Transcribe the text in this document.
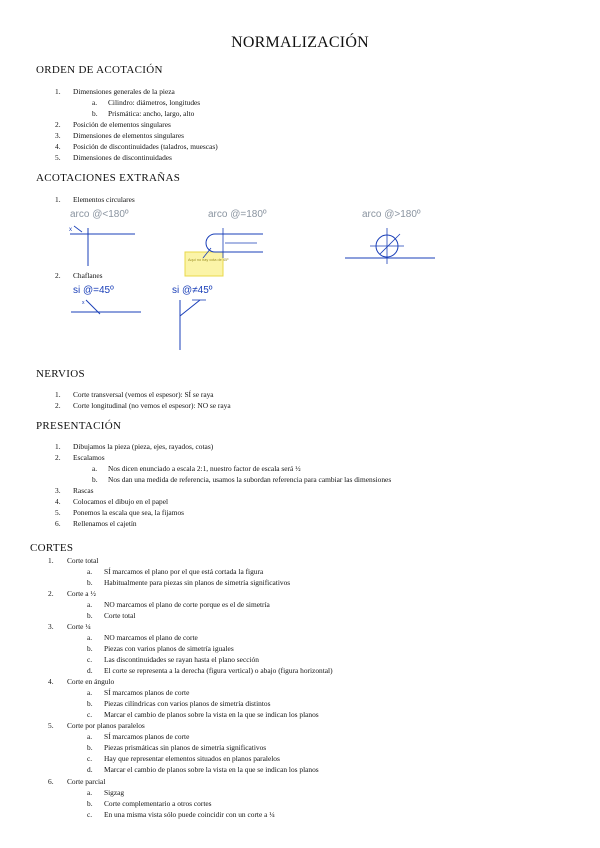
NORMALIZACIÓN
ORDEN DE ACOTACIÓN
1. Dimensiones generales de la pieza
a. Cilindro: diámetros, longitudes
b. Prismática: ancho, largo, alto
2. Posición de elementos singulares
3. Dimensiones de elementos singulares
4. Posición de discontinuidades (taladros, muescas)
5. Dimensiones de discontinuidades
ACOTACIONES EXTRAÑAS
1. Elementos circulares
arco @<180º	arco @=180º	arco @>180º
x
Aquí no hay cota de 45º
2. Chaflanes
si @=45º	si @≠45º
x
NERVIOS
1. Corte transversal (vemos el espesor): SÍ se raya
2. Corte longitudinal (no vemos el espesor): NO se raya
PRESENTACIÓN
1. Dibujamos la pieza (pieza, ejes, rayados, cotas)
2. Escalamos
a. Nos dicen enunciado a escala 2:1, nuestro factor de escala será ½
b. Nos dan una medida de referencia, usamos la subordan referencia para cambiar las dimensiones
3. Rascas
4. Colocamos el dibujo en el papel
5. Ponemos la escala que sea, la fijamos
6. Rellenamos el cajetín
CORTES
1. Corte total
a. SÍ marcamos el plano por el que está cortada la figura
b. Habitualmente para piezas sin planos de simetría significativos
2. Corte a ½
a. NO marcamos el plano de corte porque es el de simetría
b. Corte total
3. Corte ¼
a. NO marcamos el plano de corte
b. Piezas con varios planos de simetría iguales
c. Las discontinuidades se rayan hasta el plano sección
d. El corte se representa a la derecha (figura vertical) o abajo (figura horizontal)
4. Corte en ángulo
a. SÍ marcamos planos de corte
b. Piezas cilíndricas con varios planos de simetría distintos
c. Marcar el cambio de planos sobre la vista en la que se indican los planos
5. Corte por planos paralelos
a. SÍ marcamos planos de corte
b. Piezas prismáticas sin planos de simetría significativos
c. Hay que representar elementos situados en planos paralelos
d. Marcar el cambio de planos sobre la vista en la que se indican los planos
6. Corte parcial
a. Sigzag
b. Corte complementario a otros cortes
c. En una misma vista sólo puede coincidir con un corte a ¼
